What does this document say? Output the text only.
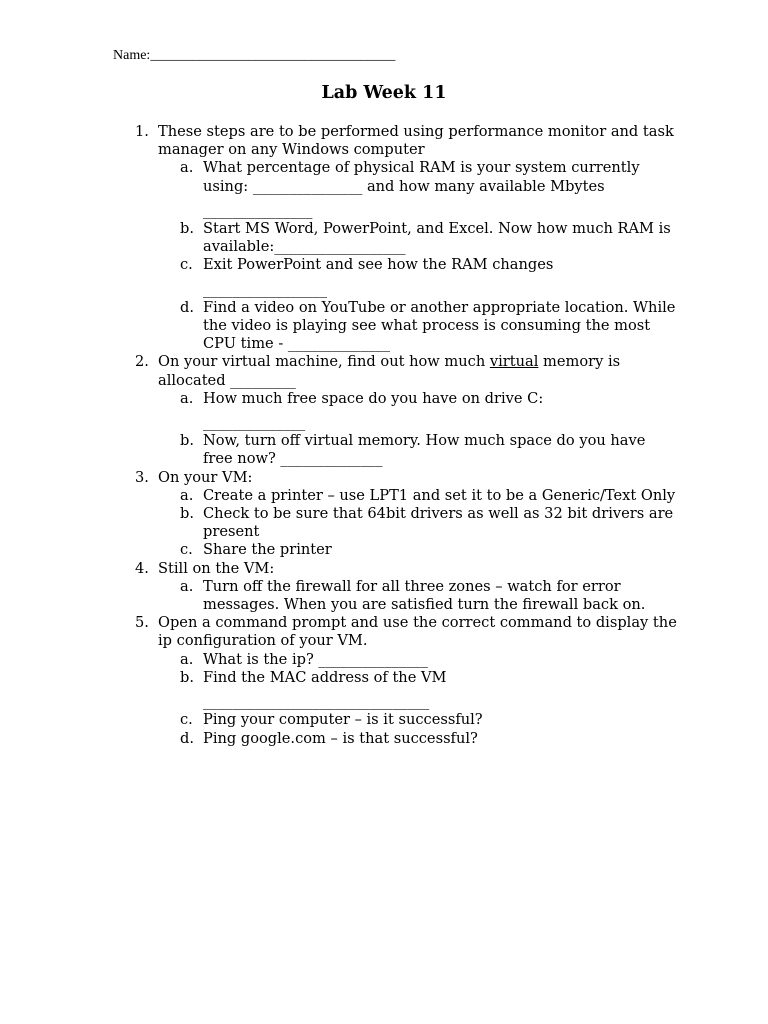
Name:___________________________________
Lab Week 11
1. These steps are to be performed using performance monitor and task manager on any Windows computer
a. What percentage of physical RAM is your system currently using: _______________ and how many available Mbytes
_______________
b. Start MS Word, PowerPoint, and Excel. Now how much RAM is available:__________________
c. Exit PowerPoint and see how the RAM changes
_________________
d. Find a video on YouTube or another appropriate location. While the video is playing see what process is consuming the most CPU time - ______________
2. On your virtual machine, find out how much virtual memory is allocated _________
a. How much free space do you have on drive C:
______________
b. Now, turn off virtual memory. How much space do you have free now? ______________
3. On your VM:
a. Create a printer – use LPT1 and set it to be a Generic/Text Only
b. Check to be sure that 64bit drivers as well as 32 bit drivers are present
c. Share the printer
4. Still on the VM:
a. Turn off the firewall for all three zones – watch for error messages. When you are satisfied turn the firewall back on.
5. Open a command prompt and use the correct command to display the ip configuration of your VM.
a. What is the ip? _______________
b. Find the MAC address of the VM
_______________________________
c. Ping your computer – is it successful?
d. Ping google.com – is that successful?
